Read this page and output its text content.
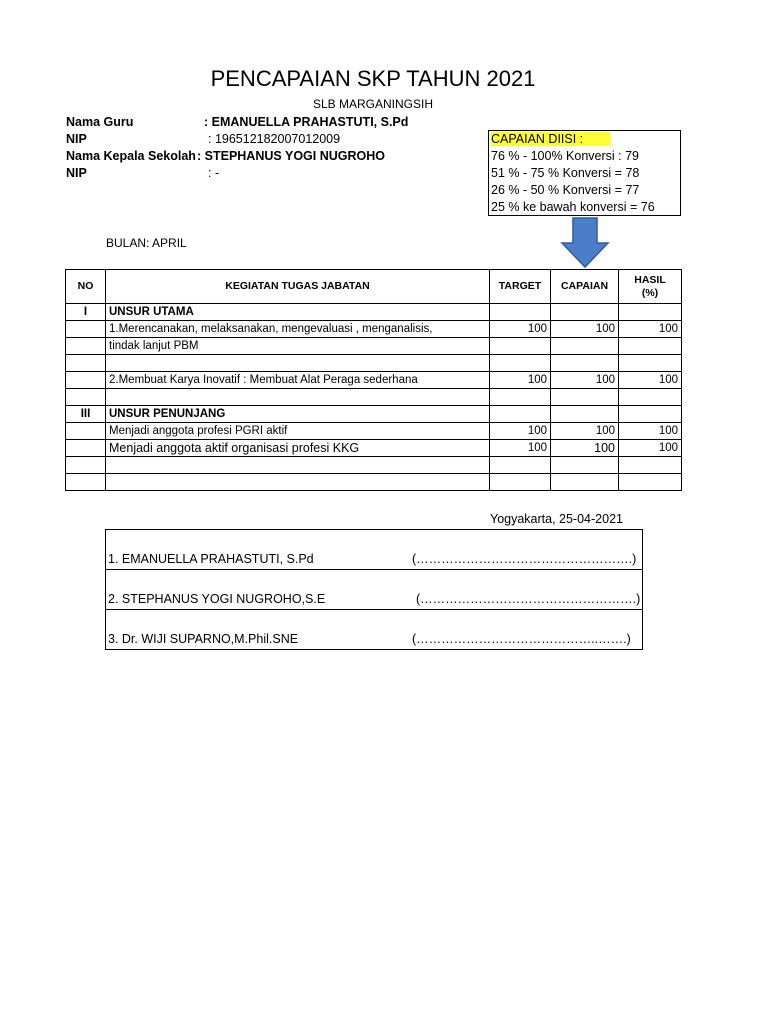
PENCAPAIAN SKP TAHUN 2021
SLB MARGANINGSIH
Nama Guru	: EMANUELLA PRAHASTUTI, S.Pd
NIP	: 196512182007012009
Nama Kepala Sekolah : STEPHANUS YOGI NUGROHO
NIP	: -
CAPAIAN DIISI :
76 % - 100% Konversi : 79
51 % - 75 % Konversi = 78
26 % - 50 % Konversi = 77
25 % ke bawah konversi = 76
BULAN: APRIL
NO	KEGIATAN TUGAS JABATAN	TARGET	CAPAIAN	HASIL
(%)
I	UNSUR UTAMA			
	1.Merencanakan, melaksanakan, mengevaluasi , menganalisis,	100	100	100
	tindak lanjut PBM			

	2.Membuat Karya Inovatif : Membuat Alat Peraga sederhana	100	100	100

III	UNSUR PENUNJANG			
	Menjadi anggota profesi PGRI aktif	100	100	100
	Menjadi anggota aktif organisasi profesi KKG	100	100	100

Yogyakarta, 25-04-2021
1. EMANUELLA PRAHASTUTI, S.Pd	(…………………………………………….)
2. STEPHANUS YOGI NUGROHO,S.E	(…………………………………………….)
3. Dr. WIJI SUPARNO,M.Phil.SNE	(……………………………………..…….)
